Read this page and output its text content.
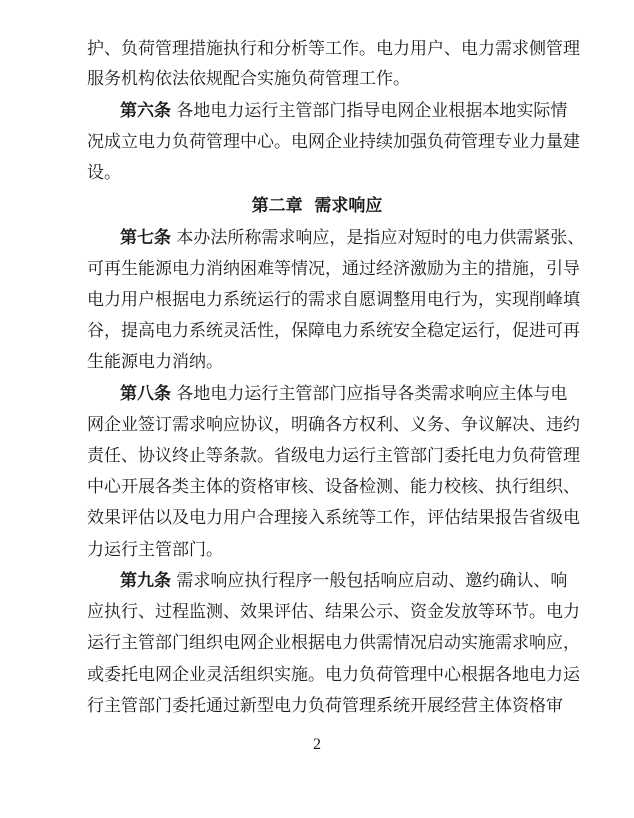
护、负荷管理措施执行和分析等工作。电力用户、电力需求侧管理
服务机构依法依规配合实施负荷管理工作。
第六条 各地电力运行主管部门指导电网企业根据本地实际情
况成立电力负荷管理中心。电网企业持续加强负荷管理专业力量建
设。
第二章  需求响应
第七条 本办法所称需求响应，是指应对短时的电力供需紧张、
可再生能源电力消纳困难等情况，通过经济激励为主的措施，引导
电力用户根据电力系统运行的需求自愿调整用电行为，实现削峰填
谷，提高电力系统灵活性，保障电力系统安全稳定运行，促进可再
生能源电力消纳。
第八条 各地电力运行主管部门应指导各类需求响应主体与电
网企业签订需求响应协议，明确各方权利、义务、争议解决、违约
责任、协议终止等条款。省级电力运行主管部门委托电力负荷管理
中心开展各类主体的资格审核、设备检测、能力校核、执行组织、
效果评估以及电力用户合理接入系统等工作，评估结果报告省级电
力运行主管部门。
第九条 需求响应执行程序一般包括响应启动、邀约确认、响
应执行、过程监测、效果评估、结果公示、资金发放等环节。电力
运行主管部门组织电网企业根据电力供需情况启动实施需求响应，
或委托电网企业灵活组织实施。电力负荷管理中心根据各地电力运
行主管部门委托通过新型电力负荷管理系统开展经营主体资格审
2
